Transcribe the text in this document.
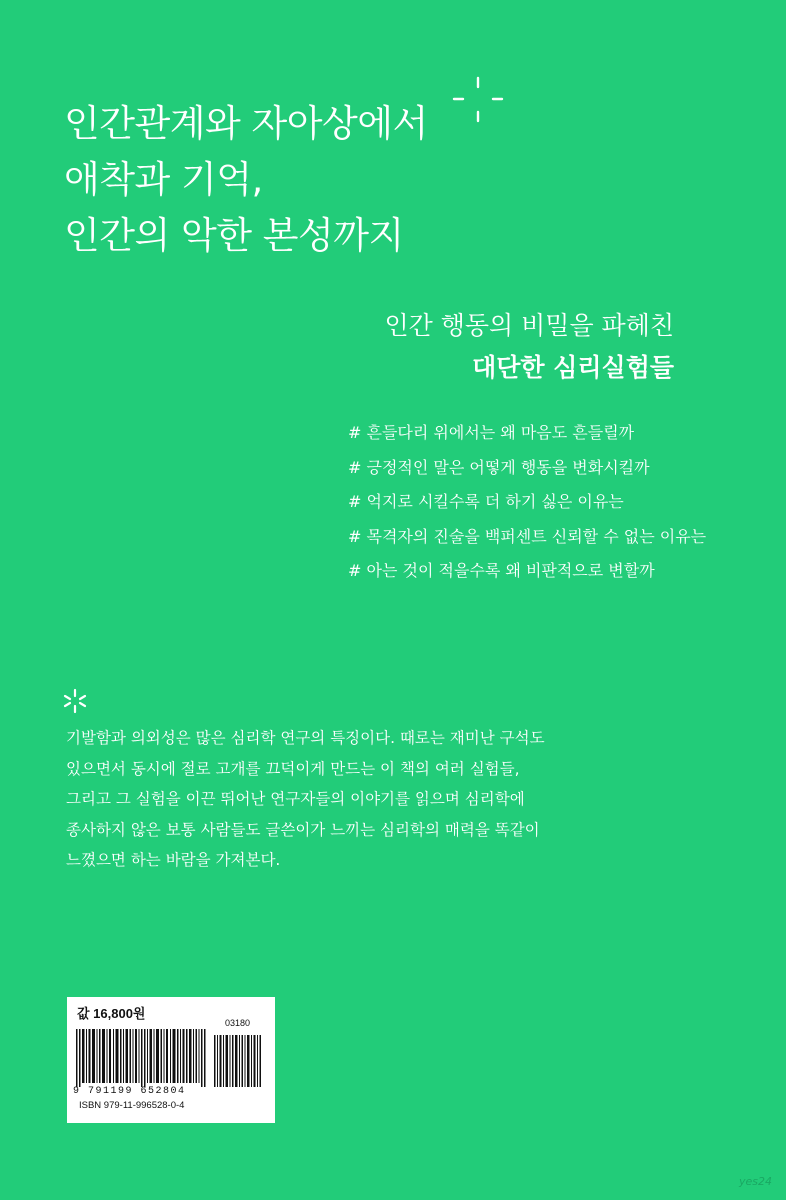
인간관계와 자아상에서
애착과 기억,
인간의 악한 본성까지
인간 행동의 비밀을 파헤친
대단한 심리실험들
# 흔들다리 위에서는 왜 마음도 흔들릴까
# 긍정적인 말은 어떻게 행동을 변화시킬까
# 억지로 시킬수록 더 하기 싫은 이유는
# 목격자의 진술을 백퍼센트 신뢰할 수 없는 이유는
# 아는 것이 적을수록 왜 비판적으로 변할까

기발함과 의외성은 많은 심리학 연구의 특징이다. 때로는 재미난 구석도
있으면서 동시에 절로 고개를 끄덕이게 만드는 이 책의 여러 실험들,
그리고 그 실험을 이끈 뛰어난 연구자들의 이야기를 읽으며 심리학에
종사하지 않은 보통 사람들도 글쓴이가 느끼는 심리학의 매력을 똑같이
느꼈으면 하는 바람을 가져본다.

값 16,800원
03180
9 791199 652804
ISBN 979-11-996528-0-4
yes24
